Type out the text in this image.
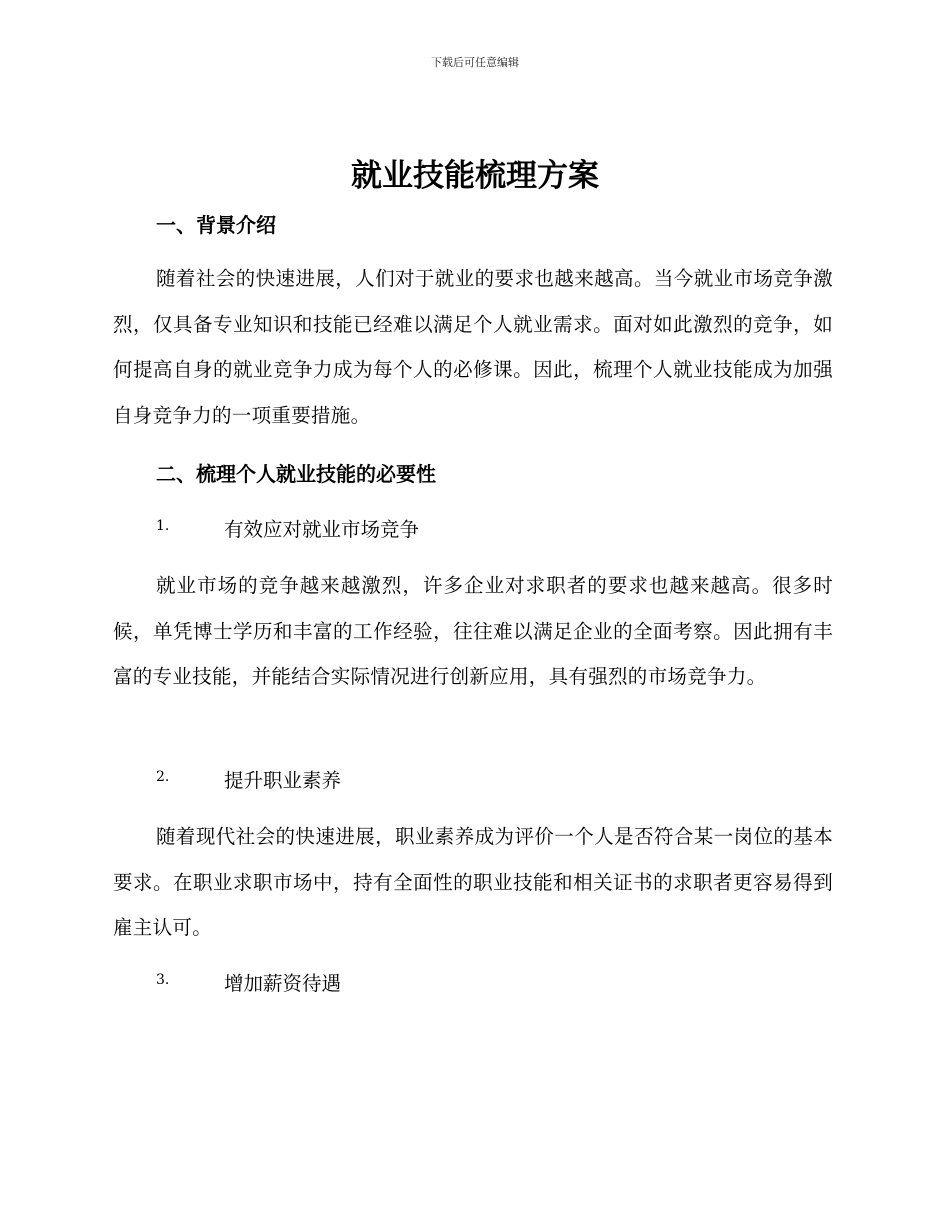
下载后可任意编辑
就业技能梳理方案
一、背景介绍
随着社会的快速进展，人们对于就业的要求也越来越高。当今就业市场竞争激烈，仅具备专业知识和技能已经难以满足个人就业需求。面对如此激烈的竞争，如何提高自身的就业竞争力成为每个人的必修课。因此，梳理个人就业技能成为加强自身竞争力的一项重要措施。
二、梳理个人就业技能的必要性
1.	有效应对就业市场竞争
就业市场的竞争越来越激烈，许多企业对求职者的要求也越来越高。很多时候，单凭博士学历和丰富的工作经验，往往难以满足企业的全面考察。因此拥有丰富的专业技能，并能结合实际情况进行创新应用，具有强烈的市场竞争力。
2.	提升职业素养
随着现代社会的快速进展，职业素养成为评价一个人是否符合某一岗位的基本要求。在职业求职市场中，持有全面性的职业技能和相关证书的求职者更容易得到雇主认可。
3.	增加薪资待遇
